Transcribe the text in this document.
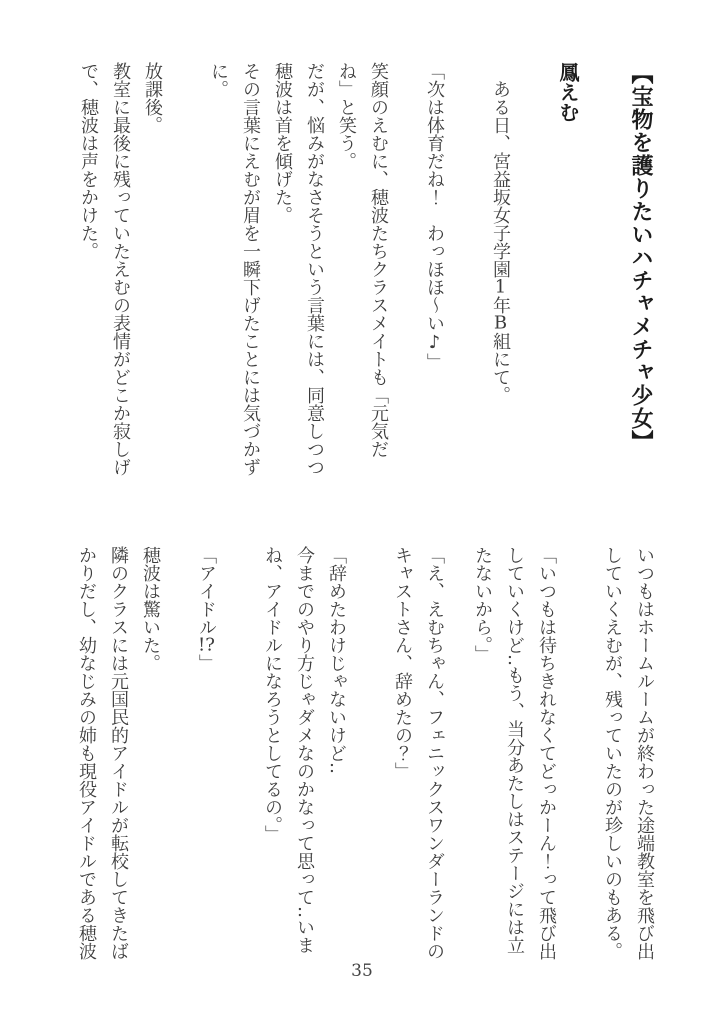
【宝物を護りたいハチャメチャ少女】
鳳えむ
ある日、宮益坂女子学園1年B組にて。
「次は体育だね！　わっほほ〜い♪」
笑顔のえむに、穂波たちクラスメイトも「元気だ
ね」と笑う。
だが、悩みがなさそうという言葉には、同意しつつ
穂波は首を傾げた。
その言葉にえむが眉を一瞬下げたことには気づかず
に。
放課後。
教室に最後に残っていたえむの表情がどこか寂しげ
で、穂波は声をかけた。
いつもはホームルームが終わった途端教室を飛び出
していくえむが、残っていたのが珍しいのもある。
「いつもは待ちきれなくてどっかーん！って飛び出
していくけど‥もう、当分あたしはステージには立
たないから。」
「え、えむちゃん、フェニックスワンダーランドの
キャストさん、辞めたの？」
「辞めたわけじゃないけど‥
今までのやり方じゃダメなのかなって思って‥いま
ね、アイドルになろうとしてるの。」
「アイドル!?」
穂波は驚いた。
隣のクラスには元国民的アイドルが転校してきたば
かりだし、幼なじみの姉も現役アイドルである穂波
35
